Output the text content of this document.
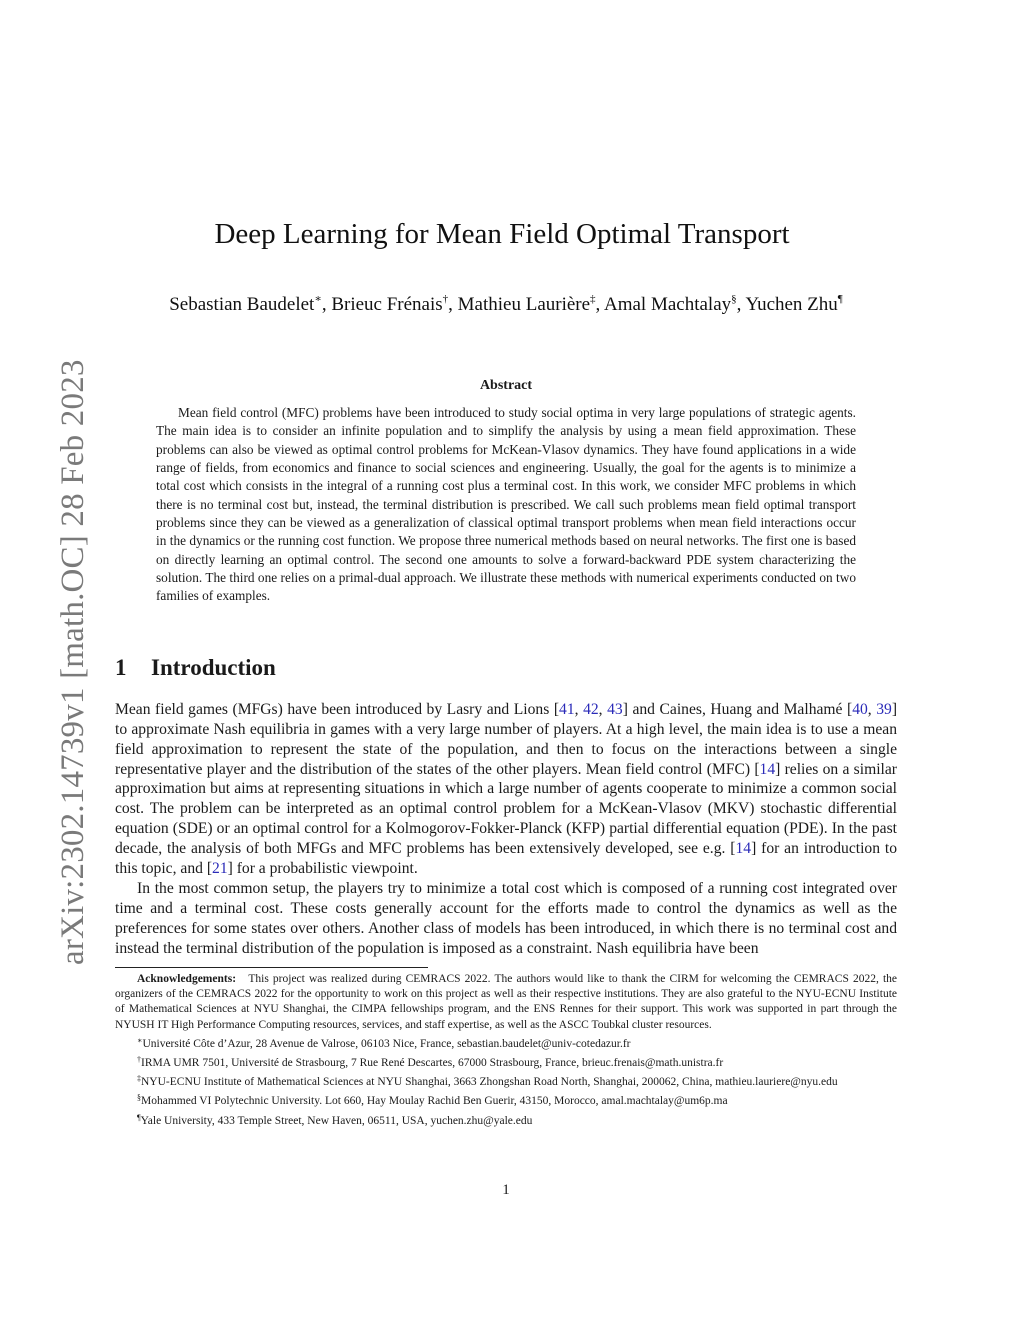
arXiv:2302.14739v1 [math.OC] 28 Feb 2023
Deep Learning for Mean Field Optimal Transport
Sebastian Baudelet∗, Brieuc Frénais†, Mathieu Laurière‡, Amal Machtalay§, Yuchen Zhu¶
Abstract

Mean field control (MFC) problems have been introduced to study social optima in very large populations of strategic agents. The main idea is to consider an infinite population and to simplify the analysis by using a mean field approximation. These problems can also be viewed as optimal control problems for McKean-Vlasov dynamics. They have found applications in a wide range of fields, from economics and finance to social sciences and engineering. Usually, the goal for the agents is to minimize a total cost which consists in the integral of a running cost plus a terminal cost. In this work, we consider MFC problems in which there is no terminal cost but, instead, the terminal distribution is prescribed. We call such problems mean field optimal transport problems since they can be viewed as a generalization of classical optimal transport problems when mean field interactions occur in the dynamics or the running cost function. We propose three numerical methods based on neural networks. The first one is based on directly learning an optimal control. The second one amounts to solve a forward-backward PDE system characterizing the solution. The third one relies on a primal-dual approach. We illustrate these methods with numerical experiments conducted on two families of examples.

1 Introduction

Mean field games (MFGs) have been introduced by Lasry and Lions [41, 42, 43] and Caines, Huang and Malhamé [40, 39] to approximate Nash equilibria in games with a very large number of players. At a high level, the main idea is to use a mean field approximation to represent the state of the population, and then to focus on the interactions between a single representative player and the distribution of the states of the other players. Mean field control (MFC) [14] relies on a similar approximation but aims at representing situations in which a large number of agents cooperate to minimize a common social cost. The problem can be interpreted as an optimal control problem for a McKean-Vlasov (MKV) stochastic differential equation (SDE) or an optimal control for a Kolmogorov-Fokker-Planck (KFP) partial differential equation (PDE). In the past decade, the analysis of both MFGs and MFC problems has been extensively developed, see e.g. [14] for an introduction to this topic, and [21] for a probabilistic viewpoint.

In the most common setup, the players try to minimize a total cost which is composed of a running cost integrated over time and a terminal cost. These costs generally account for the efforts made to control the dynamics as well as the preferences for some states over others. Another class of models has been introduced, in which there is no terminal cost and instead the terminal distribution of the population is imposed as a constraint. Nash equilibria have been

Acknowledgements: This project was realized during CEMRACS 2022. The authors would like to thank the CIRM for welcoming the CEMRACS 2022, the organizers of the CEMRACS 2022 for the opportunity to work on this project as well as their respective institutions. They are also grateful to the NYU-ECNU Institute of Mathematical Sciences at NYU Shanghai, the CIMPA fellowships program, and the ENS Rennes for their support. This work was supported in part through the NYUSH IT High Performance Computing resources, services, and staff expertise, as well as the ASCC Toubkal cluster resources.

∗Université Côte d’Azur, 28 Avenue de Valrose, 06103 Nice, France, sebastian.baudelet@univ-cotedazur.fr

†IRMA UMR 7501, Université de Strasbourg, 7 Rue René Descartes, 67000 Strasbourg, France, brieuc.frenais@math.unistra.fr

‡NYU-ECNU Institute of Mathematical Sciences at NYU Shanghai, 3663 Zhongshan Road North, Shanghai, 200062, China, mathieu.lauriere@nyu.edu

§Mohammed VI Polytechnic University. Lot 660, Hay Moulay Rachid Ben Guerir, 43150, Morocco, amal.machtalay@um6p.ma

¶Yale University, 433 Temple Street, New Haven, 06511, USA, yuchen.zhu@yale.edu

1
